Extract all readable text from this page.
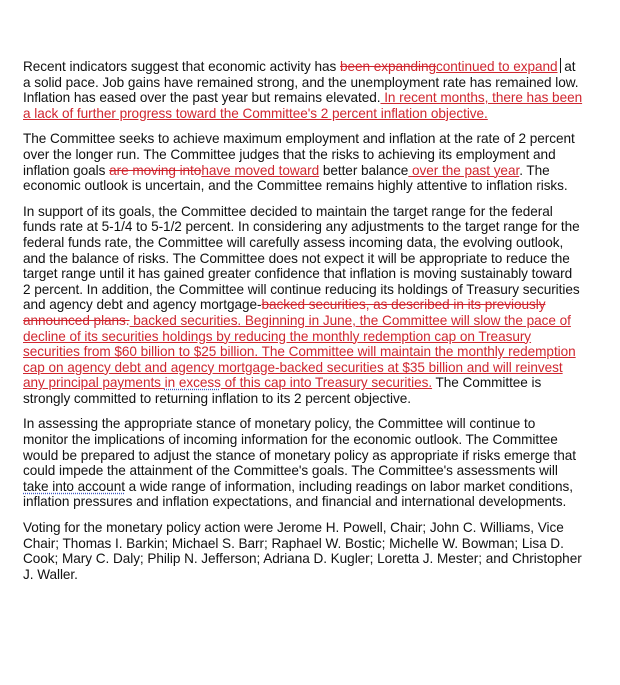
Recent indicators suggest that economic activity has been expandingcontinued to expand at a solid pace. Job gains have remained strong, and the unemployment rate has remained low. Inflation has eased over the past year but remains elevated. In recent months, there has been a lack of further progress toward the Committee's 2 percent inflation objective.

The Committee seeks to achieve maximum employment and inflation at the rate of 2 percent over the longer run. The Committee judges that the risks to achieving its employment and inflation goals are moving intohave moved toward better balance over the past year. The economic outlook is uncertain, and the Committee remains highly attentive to inflation risks.

In support of its goals, the Committee decided to maintain the target range for the federal funds rate at 5-1/4 to 5-1/2 percent. In considering any adjustments to the target range for the federal funds rate, the Committee will carefully assess incoming data, the evolving outlook, and the balance of risks. The Committee does not expect it will be appropriate to reduce the target range until it has gained greater confidence that inflation is moving sustainably toward 2 percent. In addition, the Committee will continue reducing its holdings of Treasury securities and agency debt and agency mortgage-backed securities, as described in its previously announced plans. backed securities. Beginning in June, the Committee will slow the pace of decline of its securities holdings by reducing the monthly redemption cap on Treasury securities from $60 billion to $25 billion. The Committee will maintain the monthly redemption cap on agency debt and agency mortgage-backed securities at $35 billion and will reinvest any principal payments in excess of this cap into Treasury securities. The Committee is strongly committed to returning inflation to its 2 percent objective.

In assessing the appropriate stance of monetary policy, the Committee will continue to monitor the implications of incoming information for the economic outlook. The Committee would be prepared to adjust the stance of monetary policy as appropriate if risks emerge that could impede the attainment of the Committee's goals. The Committee's assessments will take into account a wide range of information, including readings on labor market conditions, inflation pressures and inflation expectations, and financial and international developments.

Voting for the monetary policy action were Jerome H. Powell, Chair; John C. Williams, Vice Chair; Thomas I. Barkin; Michael S. Barr; Raphael W. Bostic; Michelle W. Bowman; Lisa D. Cook; Mary C. Daly; Philip N. Jefferson; Adriana D. Kugler; Loretta J. Mester; and Christopher J. Waller.
